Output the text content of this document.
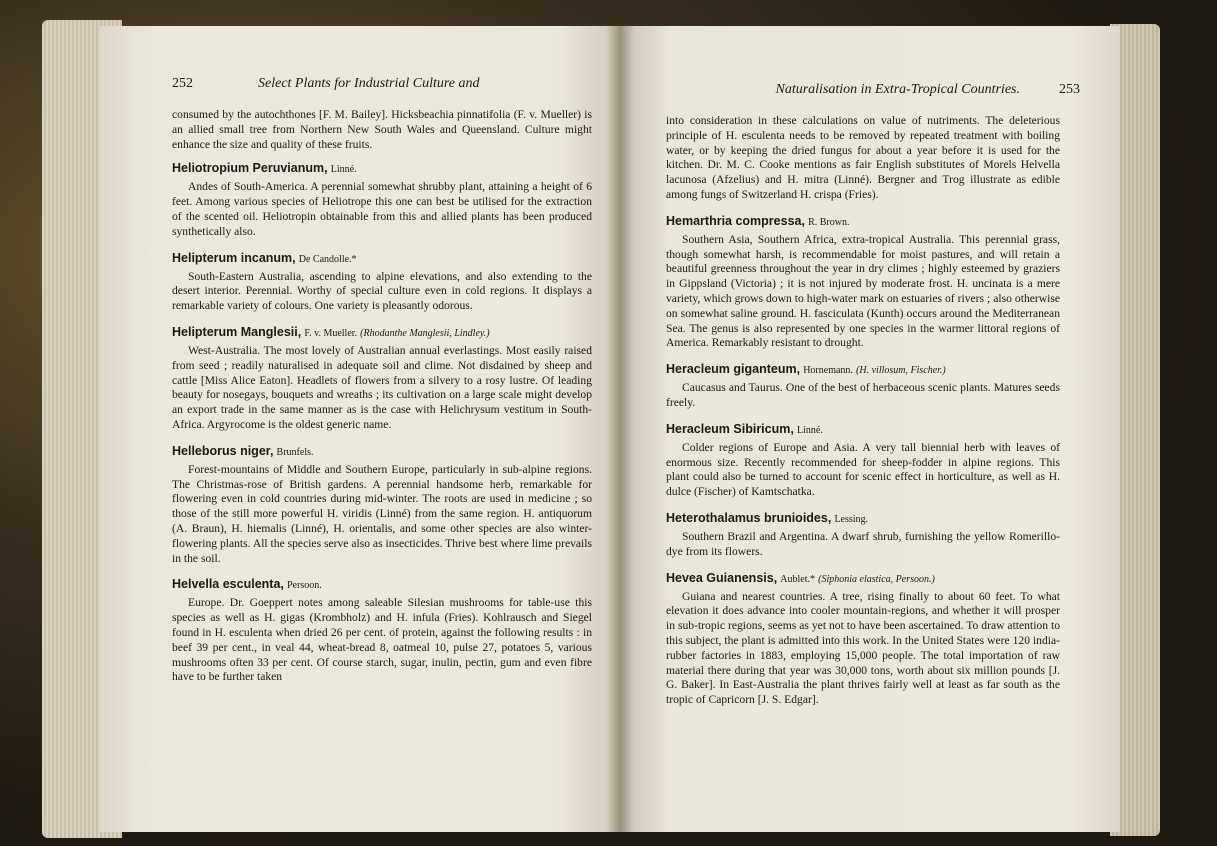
252	Select Plants for Industrial Culture and

consumed by the autochthones [F. M. Bailey]. Hicksbeachia pinnatifolia (F. v. Mueller) is an allied small tree from Northern New South Wales and Queensland. Culture might enhance the size and quality of these fruits.

Heliotropium Peruvianum, Linné.

Andes of South-America. A perennial somewhat shrubby plant, attaining a height of 6 feet. Among various species of Heliotrope this one can best be utilised for the extraction of the scented oil. Heliotropin obtainable from this and allied plants has been produced synthetically also.

Helipterum incanum, De Candolle.*

South-Eastern Australia, ascending to alpine elevations, and also extending to the desert interior. Perennial. Worthy of special culture even in cold regions. It displays a remarkable variety of colours. One variety is pleasantly odorous.

Helipterum Manglesii, F. v. Mueller. (Rhodanthe Manglesii, Lindley.)

West-Australia. The most lovely of Australian annual everlastings. Most easily raised from seed ; readily naturalised in adequate soil and clime. Not disdained by sheep and cattle [Miss Alice Eaton]. Headlets of flowers from a silvery to a rosy lustre. Of leading beauty for nosegays, bouquets and wreaths ; its cultivation on a large scale might develop an export trade in the same manner as is the case with Helichrysum vestitum in South-Africa. Argyrocome is the oldest generic name.

Helleborus niger, Brunfels.

Forest-mountains of Middle and Southern Europe, particularly in sub-alpine regions. The Christmas-rose of British gardens. A perennial handsome herb, remarkable for flowering even in cold countries during mid-winter. The roots are used in medicine ; so those of the still more powerful H. viridis (Linné) from the same region. H. antiquorum (A. Braun), H. hiemalis (Linné), H. orientalis, and some other species are also winter-flowering plants. All the species serve also as insecticides. Thrive best where lime prevails in the soil.

Helvella esculenta, Persoon.

Europe. Dr. Goeppert notes among saleable Silesian mushrooms for table-use this species as well as H. gigas (Krombholz) and H. infula (Fries). Kohlrausch and Siegel found in H. esculenta when dried 26 per cent. of protein, against the following results : in beef 39 per cent., in veal 44, wheat-bread 8, oatmeal 10, pulse 27, potatoes 5, various mushrooms often 33 per cent. Of course starch, sugar, inulin, pectin, gum and even fibre have to be further taken

Naturalisation in Extra-Tropical Countries.	253

into consideration in these calculations on value of nutriments. The deleterious principle of H. esculenta needs to be removed by repeated treatment with boiling water, or by keeping the dried fungus for about a year before it is used for the kitchen. Dr. M. C. Cooke mentions as fair English substitutes of Morels Helvella lacunosa (Afzelius) and H. mitra (Linné). Bergner and Trog illustrate as edible among fungs of Switzerland H. crispa (Fries).

Hemarthria compressa, R. Brown.

Southern Asia, Southern Africa, extra-tropical Australia. This perennial grass, though somewhat harsh, is recommendable for moist pastures, and will retain a beautiful greenness throughout the year in dry climes ; highly esteemed by graziers in Gippsland (Victoria) ; it is not injured by moderate frost. H. uncinata is a mere variety, which grows down to high-water mark on estuaries of rivers ; also otherwise on somewhat saline ground. H. fasciculata (Kunth) occurs around the Mediterranean Sea. The genus is also represented by one species in the warmer littoral regions of America. Remarkably resistant to drought.

Heracleum giganteum, Hornemann. (H. villosum, Fischer.)

Caucasus and Taurus. One of the best of herbaceous scenic plants. Matures seeds freely.

Heracleum Sibiricum, Linné.

Colder regions of Europe and Asia. A very tall biennial herb with leaves of enormous size. Recently recommended for sheep-fodder in alpine regions. This plant could also be turned to account for scenic effect in horticulture, as well as H. dulce (Fischer) of Kamtschatka.

Heterothalamus brunioides, Lessing.

Southern Brazil and Argentina. A dwarf shrub, furnishing the yellow Romerillo-dye from its flowers.

Hevea Guianensis, Aublet.* (Siphonia elastica, Persoon.)

Guiana and nearest countries. A tree, rising finally to about 60 feet. To what elevation it does advance into cooler mountain-regions, and whether it will prosper in sub-tropic regions, seems as yet not to have been ascertained. To draw attention to this subject, the plant is admitted into this work. In the United States were 120 india-rubber factories in 1883, employing 15,000 people. The total importation of raw material there during that year was 30,000 tons, worth about six million pounds [J. G. Baker]. In East-Australia the plant thrives fairly well at least as far south as the tropic of Capricorn [J. S. Edgar].
